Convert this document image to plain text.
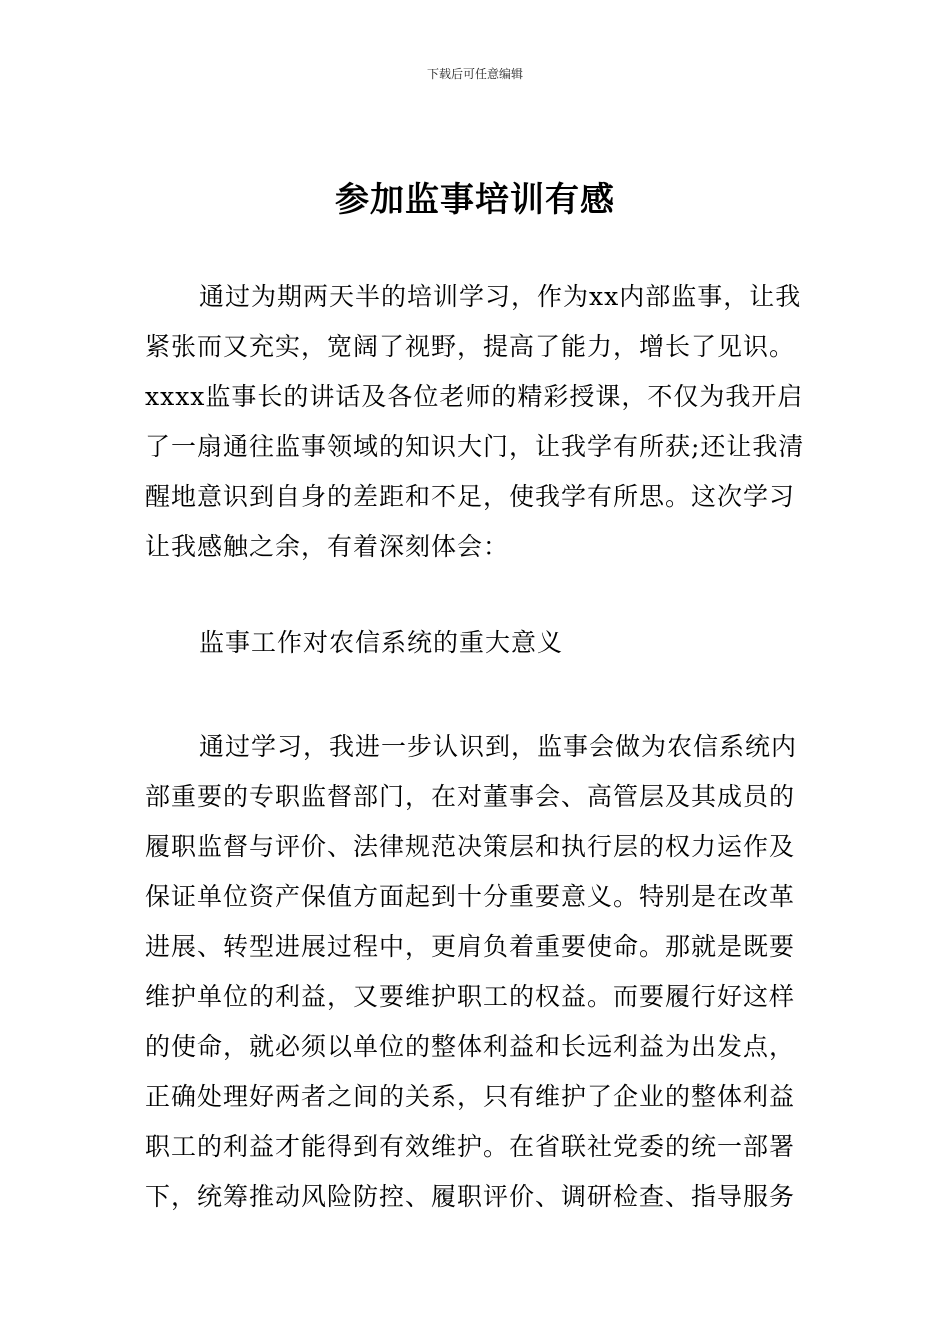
下载后可任意编辑
参加监事培训有感
通过为期两天半的培训学习，作为xx内部监事，让我
紧张而又充实，宽阔了视野，提高了能力，增长了见识。
xxxx监事长的讲话及各位老师的精彩授课，不仅为我开启
了一扇通往监事领域的知识大门，让我学有所获;还让我清
醒地意识到自身的差距和不足，使我学有所思。这次学习
让我感触之余，有着深刻体会：
监事工作对农信系统的重大意义
通过学习，我进一步认识到，监事会做为农信系统内
部重要的专职监督部门，在对董事会、高管层及其成员的
履职监督与评价、法律规范决策层和执行层的权力运作及
保证单位资产保值方面起到十分重要意义。特别是在改革
进展、转型进展过程中，更肩负着重要使命。那就是既要
维护单位的利益，又要维护职工的权益。而要履行好这样
的使命，就必须以单位的整体利益和长远利益为出发点，
正确处理好两者之间的关系，只有维护了企业的整体利益
职工的利益才能得到有效维护。在省联社党委的统一部署
下，统筹推动风险防控、履职评价、调研检查、指导服务
